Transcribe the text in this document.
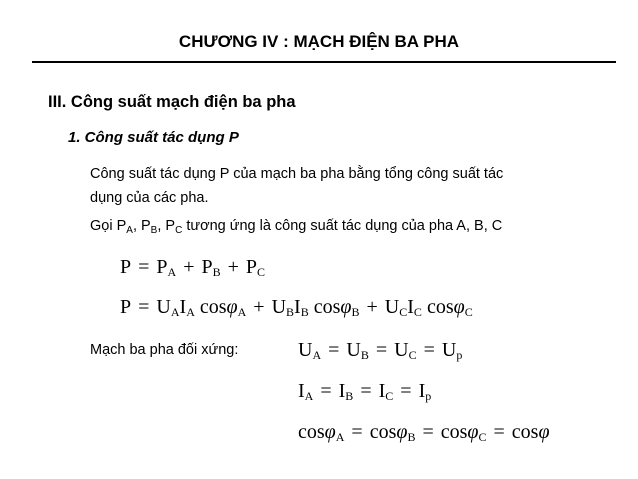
CHƯƠNG IV : MẠCH ĐIỆN BA PHA
III. Công suất mạch điện ba pha
1. Công suất tác dụng P
Công suất tác dụng P của mạch ba pha bằng tổng công suất tác
dụng của các pha.
Gọi $P_A$, $P_B$, $P_C$ tương ứng là công suất tác dụng của pha A, B, C
$P = P_A + P_B + P_C$
$P = U_AI_A$ $\cos\varphi_A + U_BI_B$ $\cos\varphi_B + U_CI_C$ cosφ$_C$
Mạch ba pha đối xứng:	$U_A = U_B = U_C = U_p$
$I_A = I_B = I_C = I_p$
cosφ$_A$ = cosφ$_B$ = cosφ$_C$ = cosφ
